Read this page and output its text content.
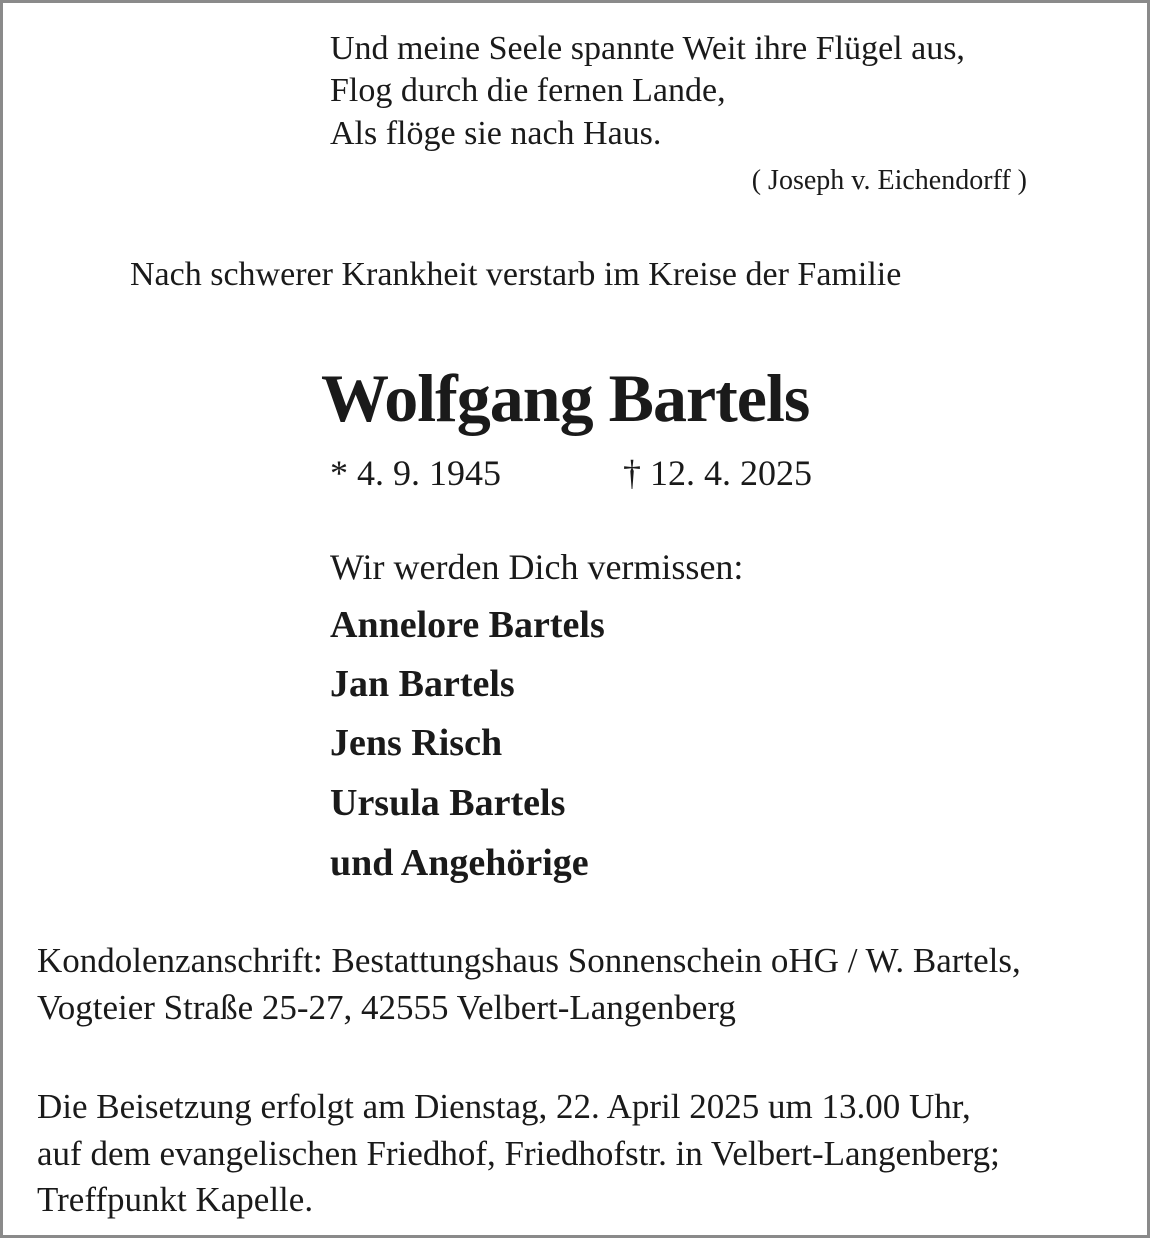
Und meine Seele spannte Weit ihre Flügel aus,
Flog durch die fernen Lande,
Als flöge sie nach Haus.
( Joseph v. Eichendorff )
Nach schwerer Krankheit verstarb im Kreise der Familie
Wolfgang Bartels
* 4. 9. 1945	† 12. 4. 2025
Wir werden Dich vermissen:
Annelore Bartels
Jan Bartels
Jens Risch
Ursula Bartels
und Angehörige
Kondolenzanschrift: Bestattungshaus Sonnenschein oHG / W. Bartels,
Vogteier Straße 25-27, 42555 Velbert-Langenberg
Die Beisetzung erfolgt am Dienstag, 22. April 2025 um 13.00 Uhr,
auf dem evangelischen Friedhof, Friedhofstr. in Velbert-Langenberg;
Treffpunkt Kapelle.
